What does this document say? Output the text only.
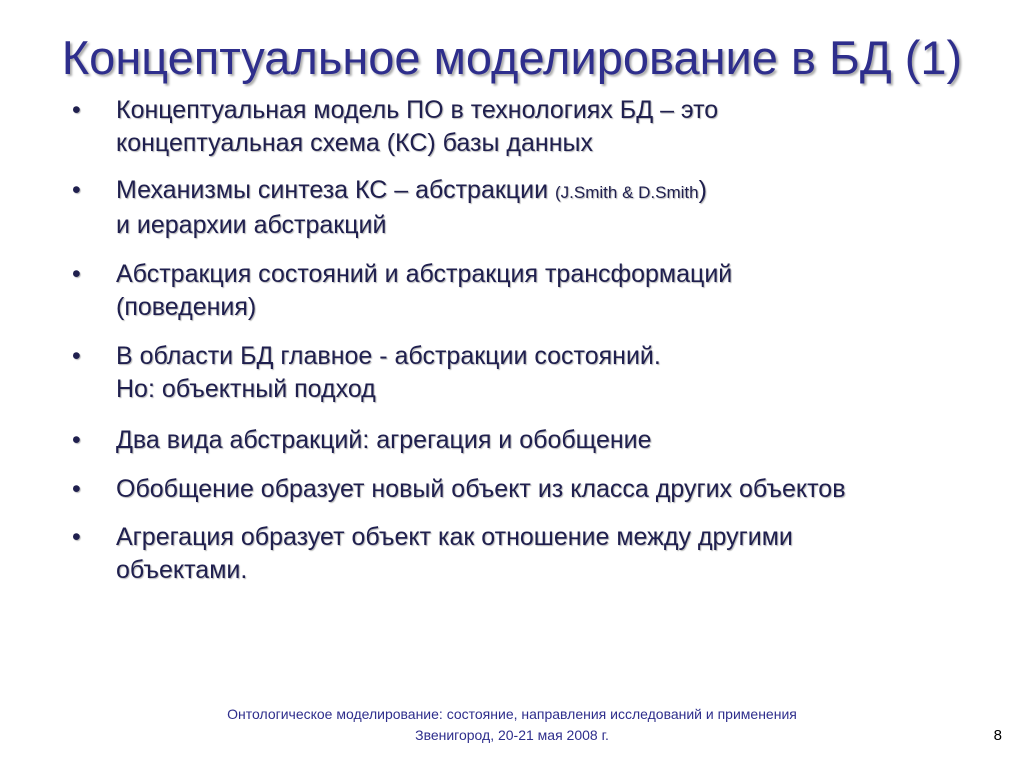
Концептуальное моделирование в БД (1)
•	Концептуальная модель ПО в технологиях БД – это
концептуальная схема (КС) базы данных
•	Механизмы синтеза КС – абстракции (J.Smith & D.Smith)
и иерархии абстракций
•	Абстракция состояний и абстракция трансформаций
(поведения)
•	В области БД главное - абстракции состояний.
Но: объектный подход
•	Два вида абстракций: агрегация и обобщение
•	Обобщение образует новый объект из класса других объектов
•	Агрегация образует объект как отношение между другими
объектами.
Онтологическое моделирование: состояние, направления исследований и применения
Звенигород, 20-21 мая 2008 г.	8
